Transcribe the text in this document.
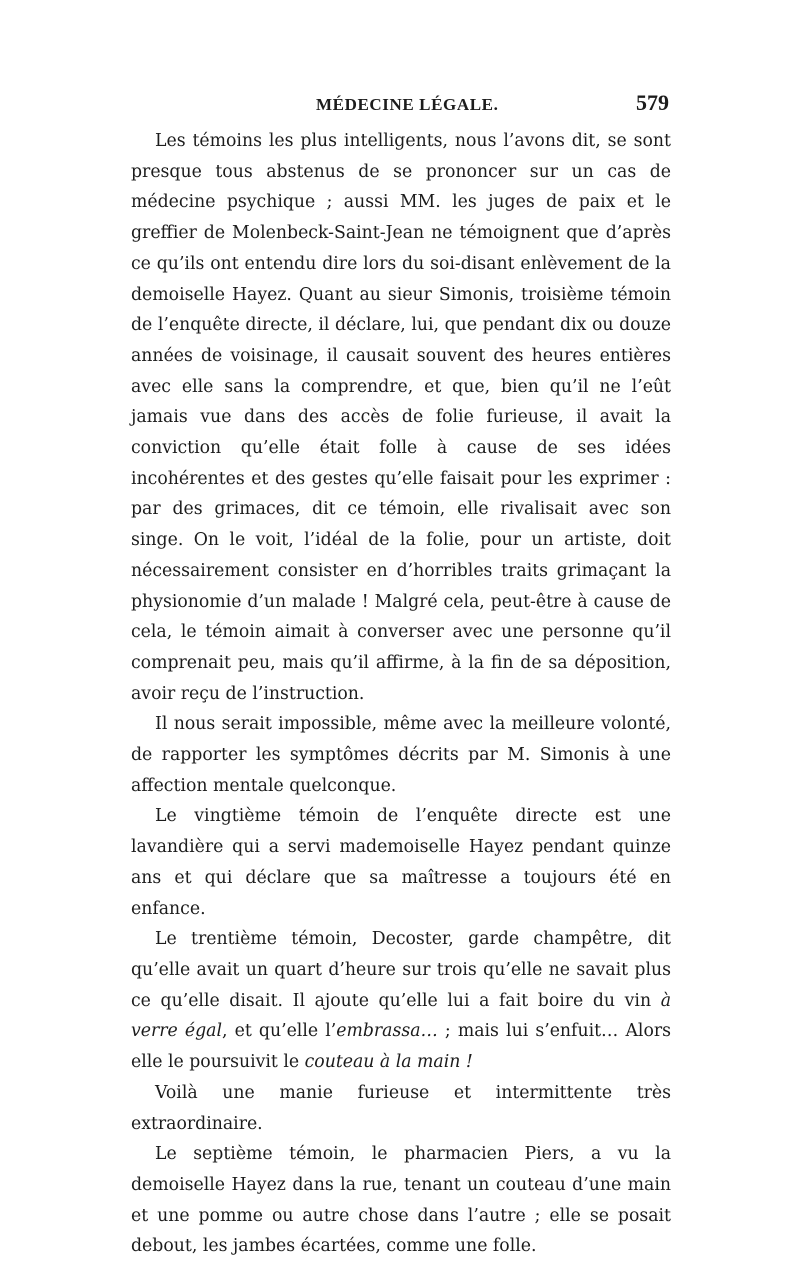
MÉDECINE LÉGALE.	579

Les témoins les plus intelligents, nous l’avons dit, se sont presque tous abstenus de se prononcer sur un cas de médecine psychique ; aussi MM. les juges de paix et le greffier de Molenbeck-Saint-Jean ne témoignent que d’après ce qu’ils ont entendu dire lors du soi-disant enlèvement de la demoiselle Hayez. Quant au sieur Simonis, troisième témoin de l’enquête directe, il déclare, lui, que pendant dix ou douze années de voisinage, il causait souvent des heures entières avec elle sans la comprendre, et que, bien qu’il ne l’eût jamais vue dans des accès de folie furieuse, il avait la conviction qu’elle était folle à cause de ses idées incohérentes et des gestes qu’elle faisait pour les exprimer : par des grimaces, dit ce témoin, elle rivalisait avec son singe. On le voit, l’idéal de la folie, pour un artiste, doit nécessairement consister en d’horribles traits grimaçant la physionomie d’un malade ! Malgré cela, peut-être à cause de cela, le témoin aimait à converser avec une personne qu’il comprenait peu, mais qu’il affirme, à la fin de sa déposition, avoir reçu de l’instruction.

Il nous serait impossible, même avec la meilleure volonté, de rapporter les symptômes décrits par M. Simonis à une affection mentale quelconque.

Le vingtième témoin de l’enquête directe est une lavandière qui a servi mademoiselle Hayez pendant quinze ans et qui déclare que sa maîtresse a toujours été en enfance.

Le trentième témoin, Decoster, garde champêtre, dit qu’elle avait un quart d’heure sur trois qu’elle ne savait plus ce qu’elle disait. Il ajoute qu’elle lui a fait boire du vin à verre égal, et qu’elle l’embrassa… ; mais lui s’enfuit… Alors elle le poursuivit le couteau à la main !

Voilà une manie furieuse et intermittente très extraordinaire.

Le septième témoin, le pharmacien Piers, a vu la demoiselle Hayez dans la rue, tenant un couteau d’une main et une pomme ou autre chose dans l’autre ; elle se posait debout, les jambes écartées, comme une folle.
